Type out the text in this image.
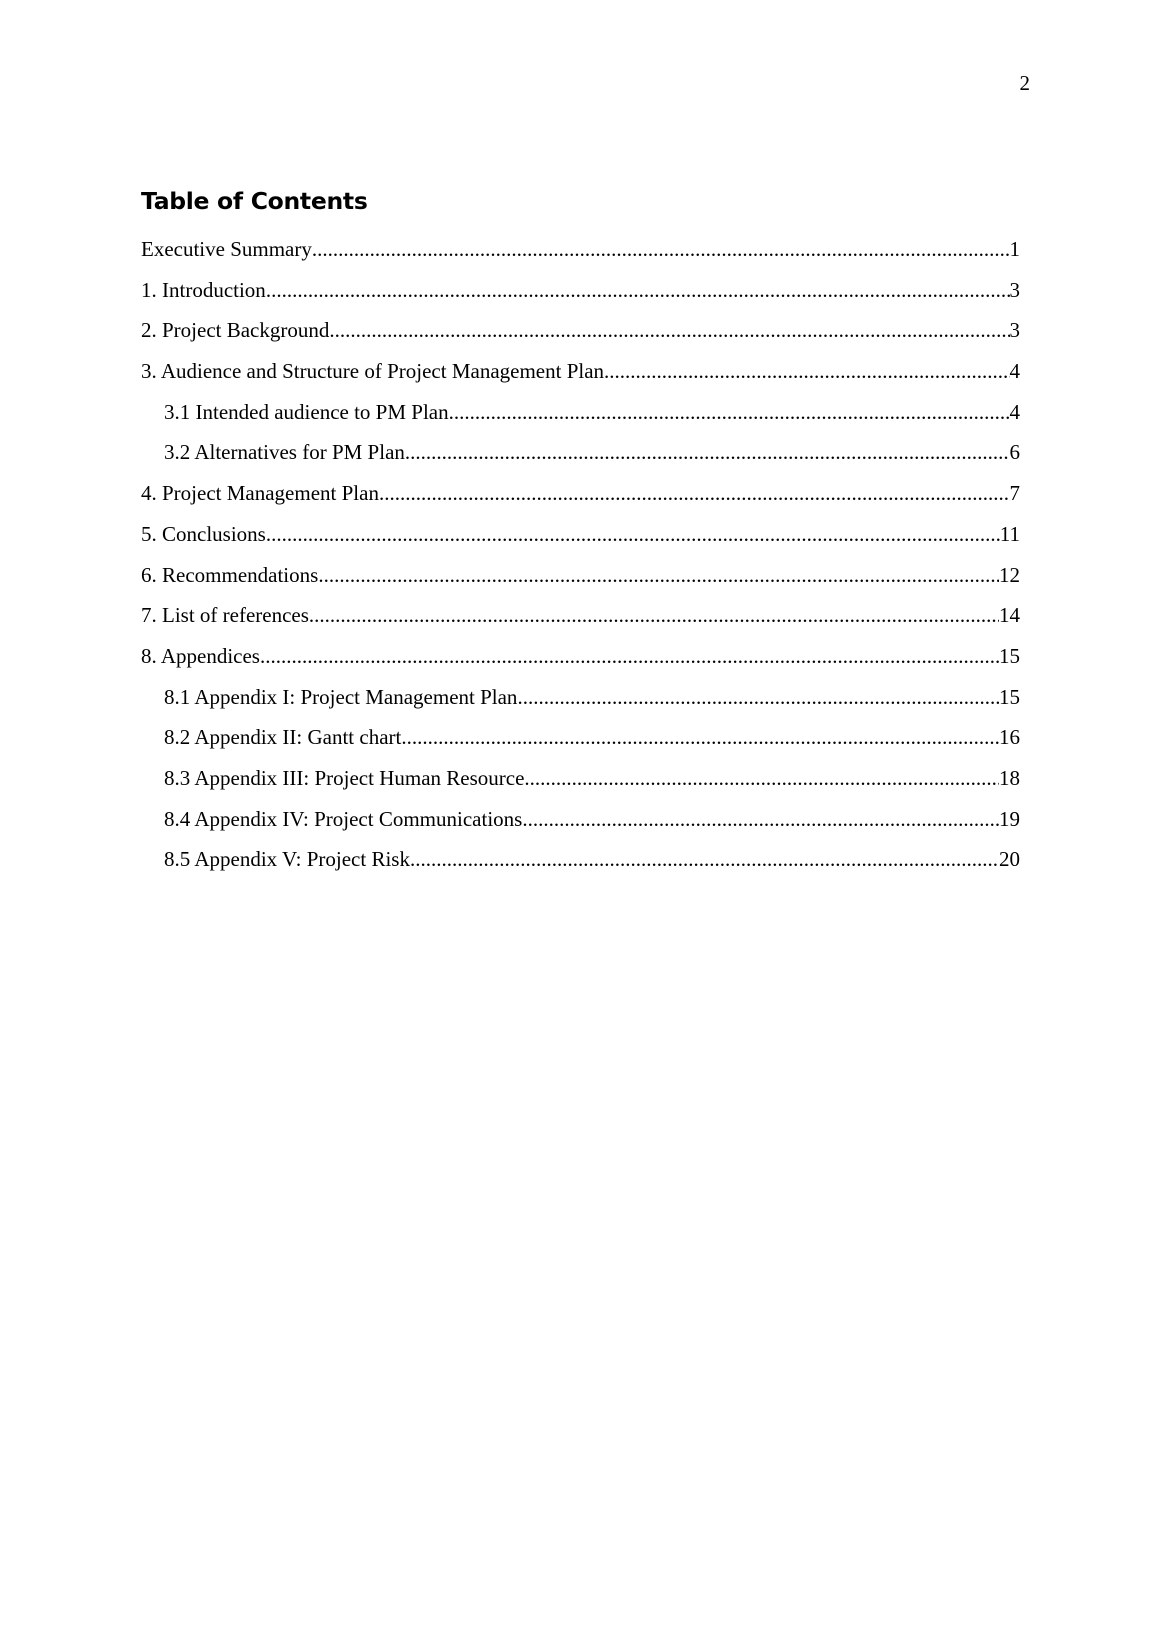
2
Table of Contents
Executive Summary .....	1
1. Introduction .....	3
2. Project Background .....	3
3. Audience and Structure of Project Management Plan .....	4
3.1 Intended audience to PM Plan .....	4
3.2 Alternatives for PM Plan .....	6
4. Project Management Plan .....	7
5. Conclusions .....	11
6. Recommendations .....	12
7. List of references .....	14
8. Appendices .....	15
8.1 Appendix I: Project Management Plan .....	15
8.2 Appendix II: Gantt chart .....	16
8.3 Appendix III: Project Human Resource .....	18
8.4 Appendix IV: Project Communications .....	19
8.5 Appendix V: Project Risk .....	20
